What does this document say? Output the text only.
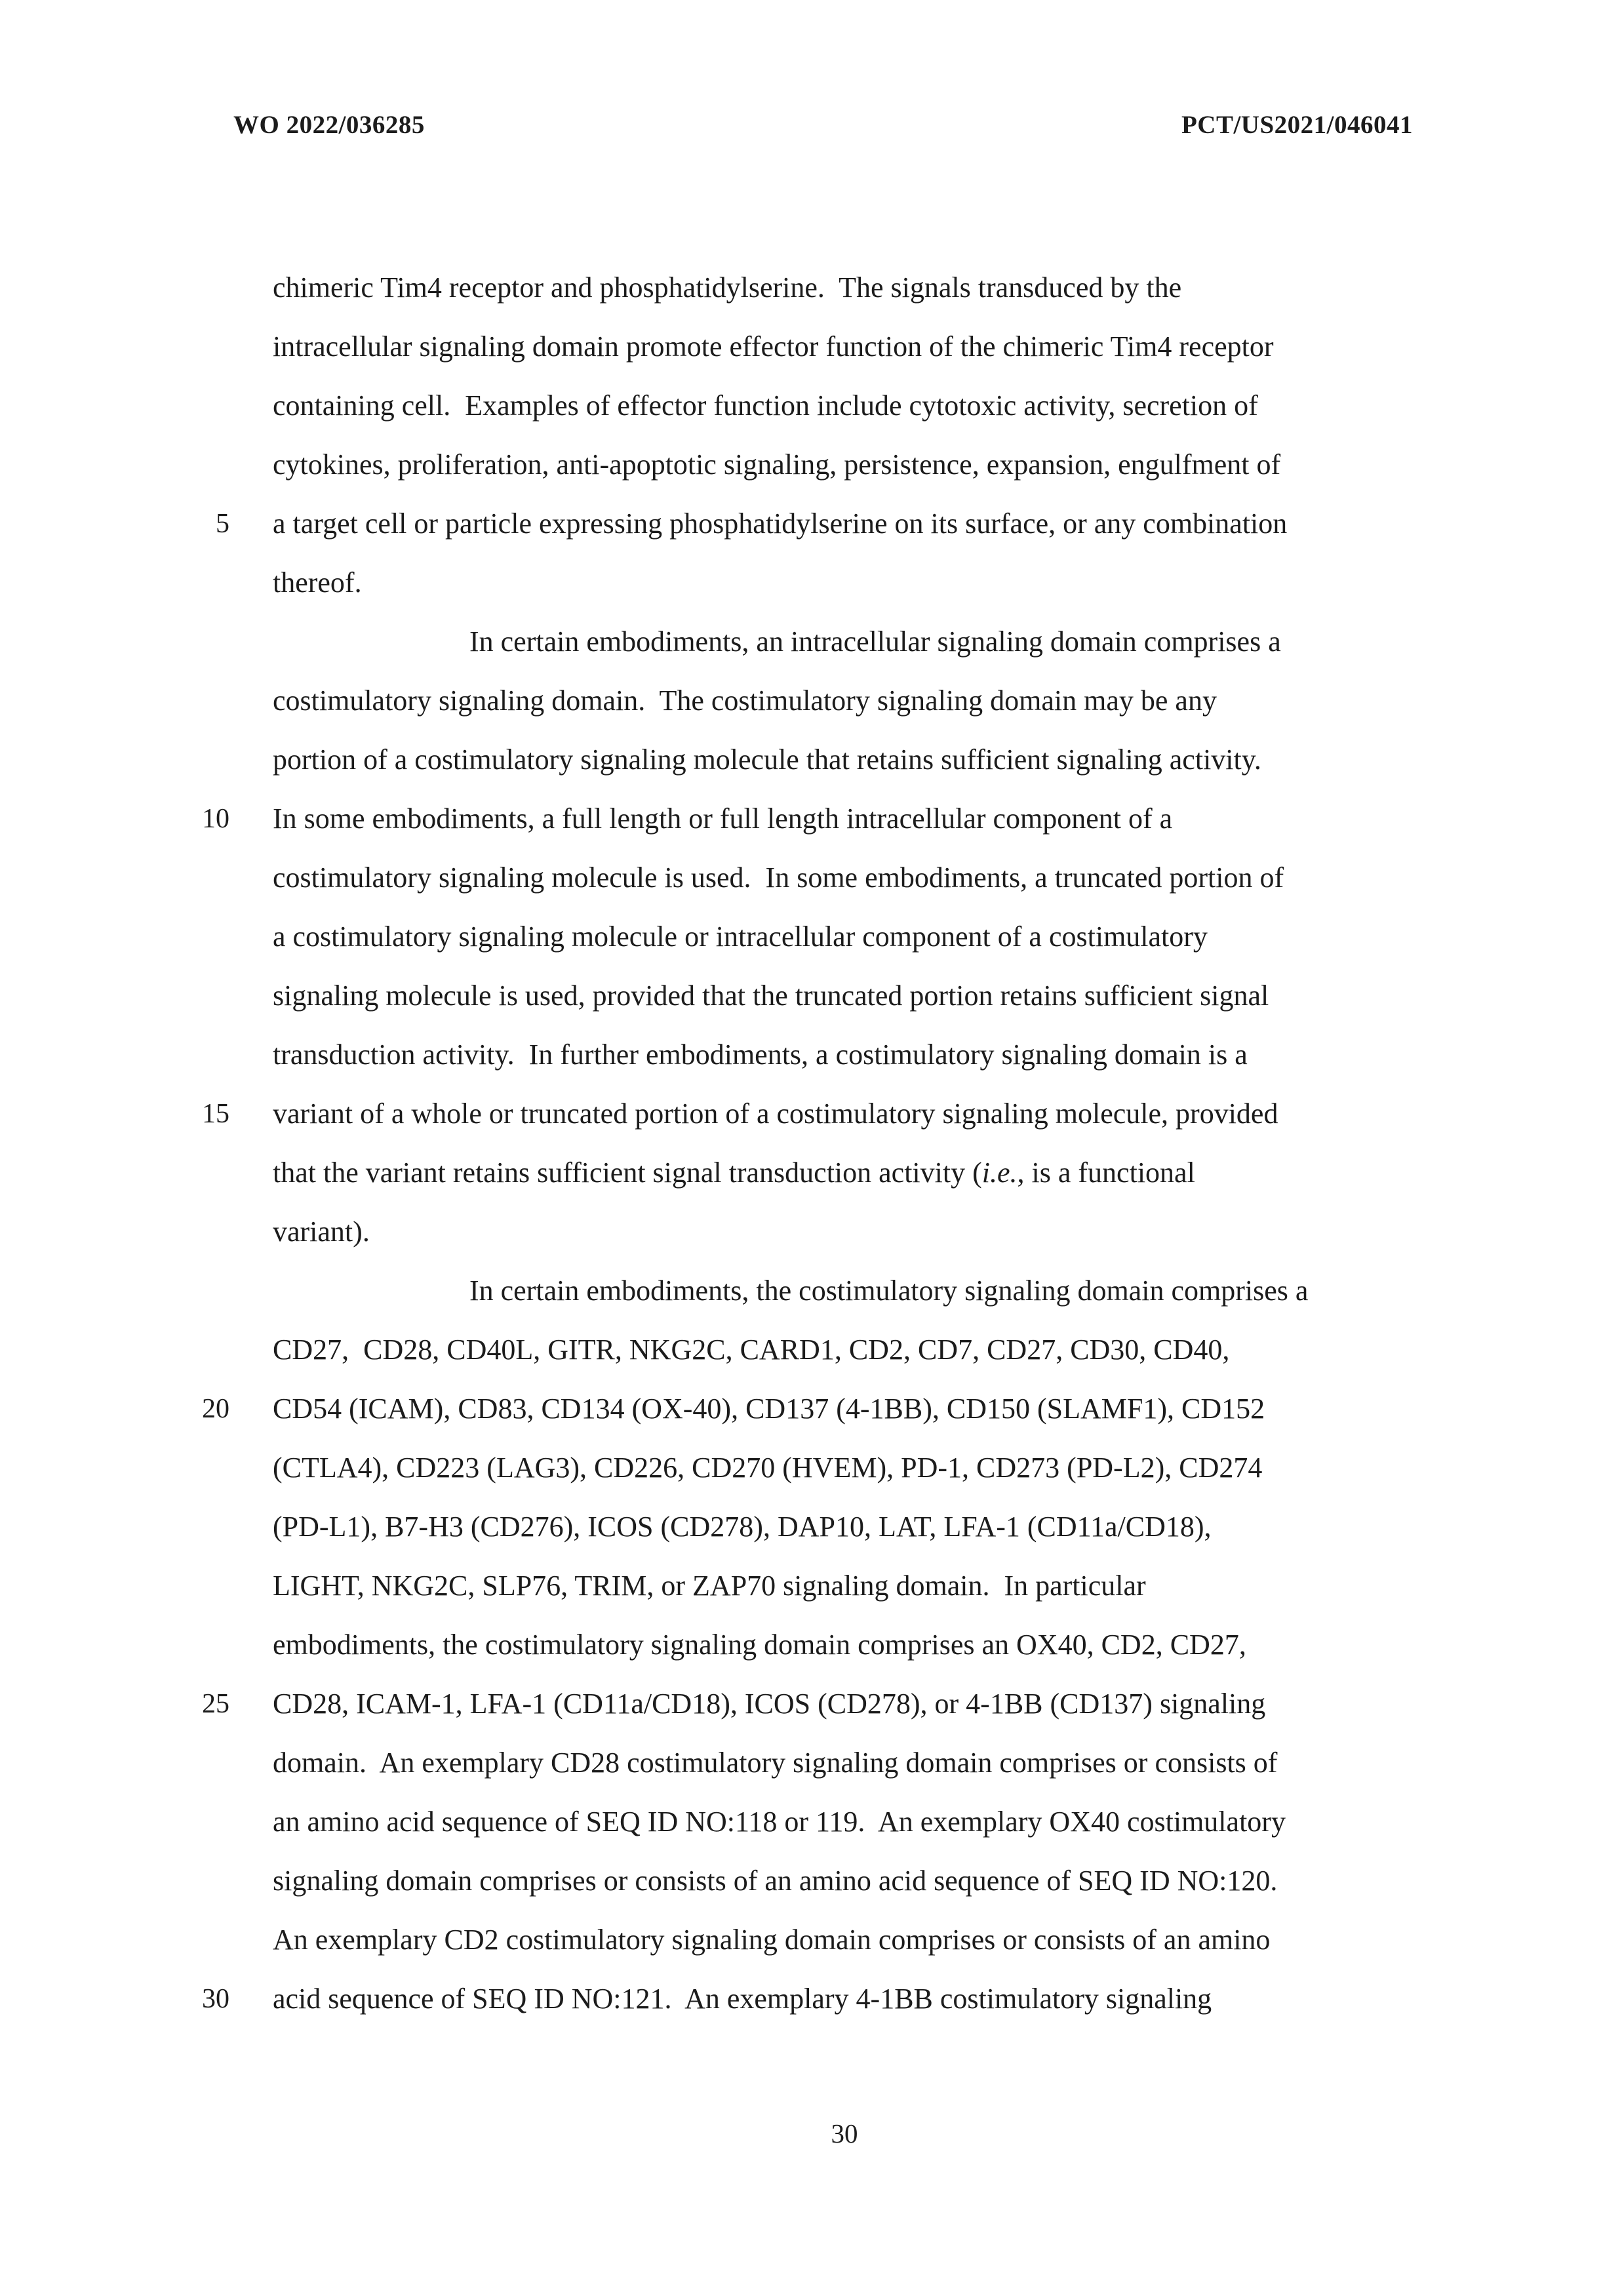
WO 2022/036285	PCT/US2021/046041
chimeric Tim4 receptor and phosphatidylserine.  The signals transduced by the
intracellular signaling domain promote effector function of the chimeric Tim4 receptor
containing cell.  Examples of effector function include cytotoxic activity, secretion of
cytokines, proliferation, anti-apoptotic signaling, persistence, expansion, engulfment of
5 a target cell or particle expressing phosphatidylserine on its surface, or any combination
thereof.
In certain embodiments, an intracellular signaling domain comprises a
costimulatory signaling domain.  The costimulatory signaling domain may be any
portion of a costimulatory signaling molecule that retains sufficient signaling activity.
10 In some embodiments, a full length or full length intracellular component of a
costimulatory signaling molecule is used.  In some embodiments, a truncated portion of
a costimulatory signaling molecule or intracellular component of a costimulatory
signaling molecule is used, provided that the truncated portion retains sufficient signal
transduction activity.  In further embodiments, a costimulatory signaling domain is a
15 variant of a whole or truncated portion of a costimulatory signaling molecule, provided
that the variant retains sufficient signal transduction activity (i.e., is a functional
variant).
In certain embodiments, the costimulatory signaling domain comprises a
CD27,  CD28, CD40L, GITR, NKG2C, CARD1, CD2, CD7, CD27, CD30, CD40,
20 CD54 (ICAM), CD83, CD134 (OX-40), CD137 (4-1BB), CD150 (SLAMF1), CD152
(CTLA4), CD223 (LAG3), CD226, CD270 (HVEM), PD-1, CD273 (PD-L2), CD274
(PD-L1), B7-H3 (CD276), ICOS (CD278), DAP10, LAT, LFA-1 (CD11a/CD18),
LIGHT, NKG2C, SLP76, TRIM, or ZAP70 signaling domain.  In particular
embodiments, the costimulatory signaling domain comprises an OX40, CD2, CD27,
25 CD28, ICAM-1, LFA-1 (CD11a/CD18), ICOS (CD278), or 4-1BB (CD137) signaling
domain.  An exemplary CD28 costimulatory signaling domain comprises or consists of
an amino acid sequence of SEQ ID NO:118 or 119.  An exemplary OX40 costimulatory
signaling domain comprises or consists of an amino acid sequence of SEQ ID NO:120.
An exemplary CD2 costimulatory signaling domain comprises or consists of an amino
30 acid sequence of SEQ ID NO:121.  An exemplary 4-1BB costimulatory signaling
30
